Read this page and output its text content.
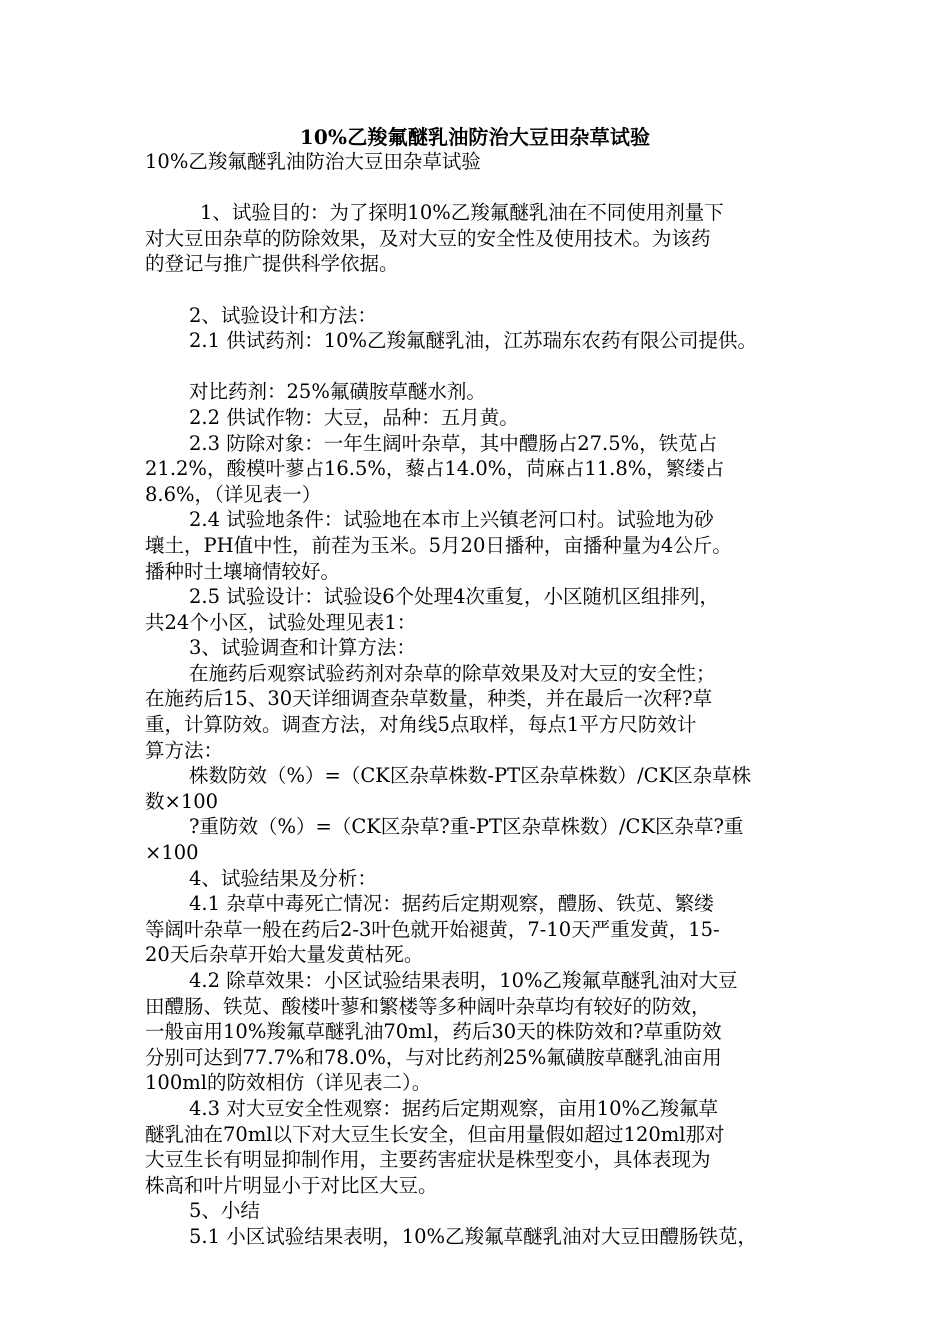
10%乙羧氟醚乳油防治大豆田杂草试验
10%乙羧氟醚乳油防治大豆田杂草试验
1、试验目的：为了探明10%乙羧氟醚乳油在不同使用剂量下
对大豆田杂草的防除效果，及对大豆的安全性及使用技术。为该药
的登记与推广提供科学依据。
2、试验设计和方法：
2.1 供试药剂：10%乙羧氟醚乳油，江苏瑞东农药有限公司提供。
对比药剂：25%氟磺胺草醚水剂。
2.2 供试作物：大豆，品种：五月黄。
2.3 防除对象：一年生阔叶杂草，其中醴肠占27.5%，铁苋占
21.2%，酸模叶蓼占16.5%，藜占14.0%，苘麻占11.8%，繁缕占
8.6%，（详见表一）
2.4 试验地条件：试验地在本市上兴镇老河口村。试验地为砂
壤土，PH值中性，前茬为玉米。5月20日播种，亩播种量为4公斤。
播种时土壤墒情较好。
2.5 试验设计：试验设6个处理4次重复，小区随机区组排列，
共24个小区，试验处理见表1：
3、试验调查和计算方法：
在施药后观察试验药剂对杂草的除草效果及对大豆的安全性；
在施药后15、30天详细调查杂草数量，种类，并在最后一次秤?草
重，计算防效。调查方法，对角线5点取样，每点1平方尺防效计
算方法：
株数防效（%）=（CK区杂草株数-PT区杂草株数）/CK区杂草株
数×100
?重防效（%）=（CK区杂草?重-PT区杂草株数）/CK区杂草?重
×100
4、试验结果及分析：
4.1 杂草中毒死亡情况：据药后定期观察，醴肠、铁苋、繁缕
等阔叶杂草一般在药后2-3叶色就开始褪黄，7-10天严重发黄，15-
20天后杂草开始大量发黄枯死。
4.2 除草效果：小区试验结果表明，10%乙羧氟草醚乳油对大豆
田醴肠、铁苋、酸楼叶蓼和繁楼等多种阔叶杂草均有较好的防效，
一般亩用10%羧氟草醚乳油70ml，药后30天的株防效和?草重防效
分别可达到77.7%和78.0%，与对比药剂25%氟磺胺草醚乳油亩用
100ml的防效相仿（详见表二）。
4.3 对大豆安全性观察：据药后定期观察，亩用10%乙羧氟草
醚乳油在70ml以下对大豆生长安全，但亩用量假如超过120ml那对
大豆生长有明显抑制作用，主要药害症状是株型变小，具体表现为
株高和叶片明显小于对比区大豆。
5、小结
5.1 小区试验结果表明，10%乙羧氟草醚乳油对大豆田醴肠铁苋，
